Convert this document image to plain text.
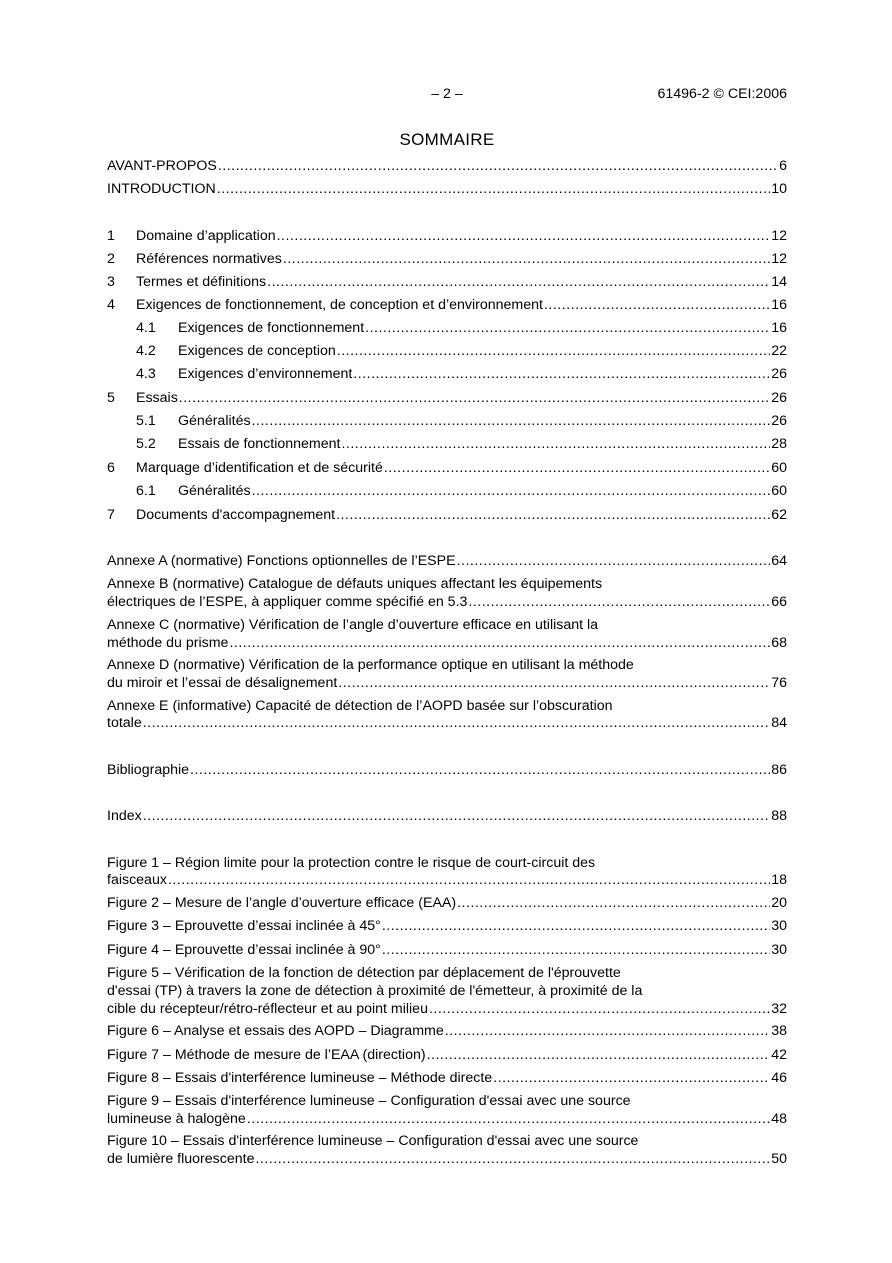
– 2 –	61496-2 © CEI:2006
SOMMAIRE
AVANT-PROPOS .....	6
INTRODUCTION .....	10
1	Domaine d’application .....	12
2	Références normatives .....	12
3	Termes et définitions .....	14
4	Exigences de fonctionnement, de conception et d’environnement .....	16
4.1	Exigences de fonctionnement .....	16
4.2	Exigences de conception .....	22
4.3	Exigences d’environnement .....	26
5	Essais .....	26
5.1	Généralités .....	26
5.2	Essais de fonctionnement .....	28
6	Marquage d’identification et de sécurité .....	60
6.1	Généralités .....	60
7	Documents d'accompagnement .....	62
Annexe A (normative) Fonctions optionnelles de l’ESPE .....	64
Annexe B (normative) Catalogue de défauts uniques affectant les équipements
électriques de l’ESPE, à appliquer comme spécifié en 5.3 .....	66
Annexe C (normative) Vérification de l’angle d’ouverture efficace en utilisant la
méthode du prisme .....	68
Annexe D (normative) Vérification de la performance optique en utilisant la méthode
du miroir et l’essai de désalignement .....	76
Annexe E (informative) Capacité de détection de l’AOPD basée sur l’obscuration
totale .....	84
Bibliographie .....	86
Index .....	88
Figure 1 – Région limite pour la protection contre le risque de court-circuit des
faisceaux .....	18
Figure 2 – Mesure de l’angle d’ouverture efficace (EAA) .....	20
Figure 3 – Eprouvette d’essai inclinée à 45° .....	30
Figure 4 – Eprouvette d’essai inclinée à 90° .....	30
Figure 5 – Vérification de la fonction de détection par déplacement de l'éprouvette
d'essai (TP) à travers la zone de détection à proximité de l'émetteur, à proximité de la
cible du récepteur/rétro-réflecteur et au point milieu .....	32
Figure 6 – Analyse et essais des AOPD – Diagramme .....	38
Figure 7 – Méthode de mesure de l’EAA (direction) .....	42
Figure 8 – Essais d'interférence lumineuse – Méthode directe .....	46
Figure 9 – Essais d'interférence lumineuse – Configuration d'essai avec une source
lumineuse à halogène .....	48
Figure 10 – Essais d'interférence lumineuse – Configuration d'essai avec une source
de lumière fluorescente .....	50
